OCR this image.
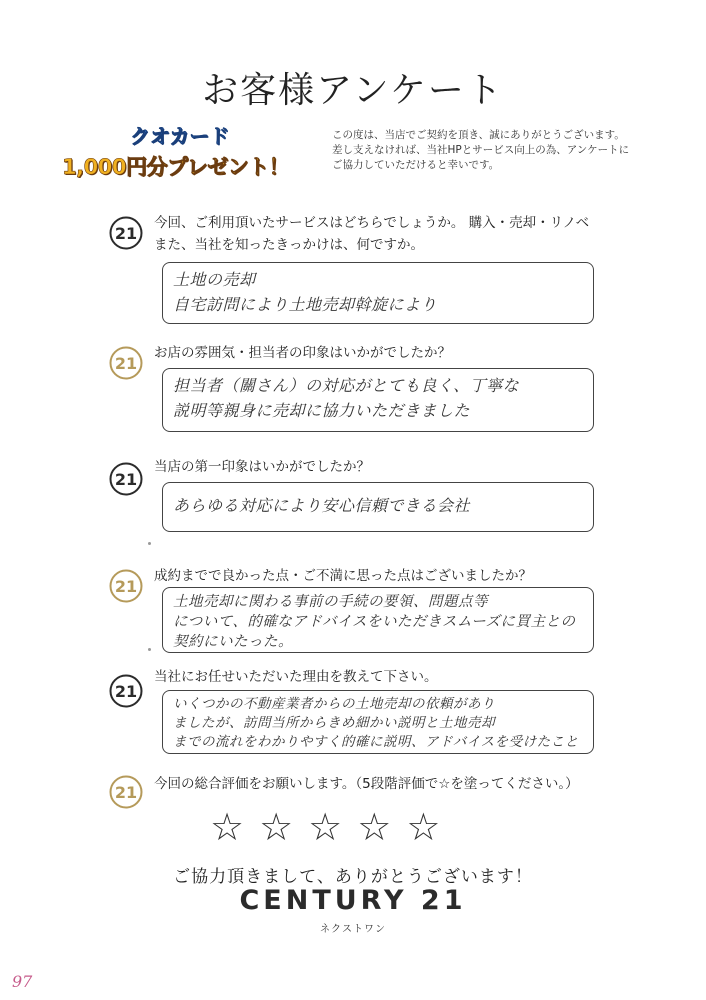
お客様アンケート
クオカード
1,000円分プレゼント！
この度は、当店でご契約を頂き、誠にありがとうございます。
差し支えなければ、当社HPとサービス向上の為、アンケートに
ご協力していただけると幸いです。
21
今回、ご利用頂いたサービスはどちらでしょうか。 購入・売却・リノベ
また、当社を知ったきっかけは、何ですか。

土地の売却

自宅訪問により土地売却斡旋により

21
お店の雰囲気・担当者の印象はいかがでしたか？

担当者（關さん）の対応がとても良く、丁寧な

説明等親身に売却に協力いただきました

21
当店の第一印象はいかがでしたか？

あらゆる対応により安心信頼できる会社

21
成約までで良かった点・ご不満に思った点はございましたか？

土地売却に関わる事前の手続の要領、問題点等

について、的確なアドバイスをいただきスムーズに買主との

契約にいたった。

21
当社にお任せいただいた理由を教えて下さい。

いくつかの不動産業者からの土地売却の依頼があり

ましたが、訪問当所からきめ細かい説明と土地売却

までの流れをわかりやすく的確に説明、アドバイスを受けたこと

21 今回の総合評価をお願いします。（5段階評価で☆を塗ってください。）
☆ ☆ ☆ ☆ ☆
ご協力頂きまして、ありがとうございます！
CENTURY 21
ネクストワン
97
